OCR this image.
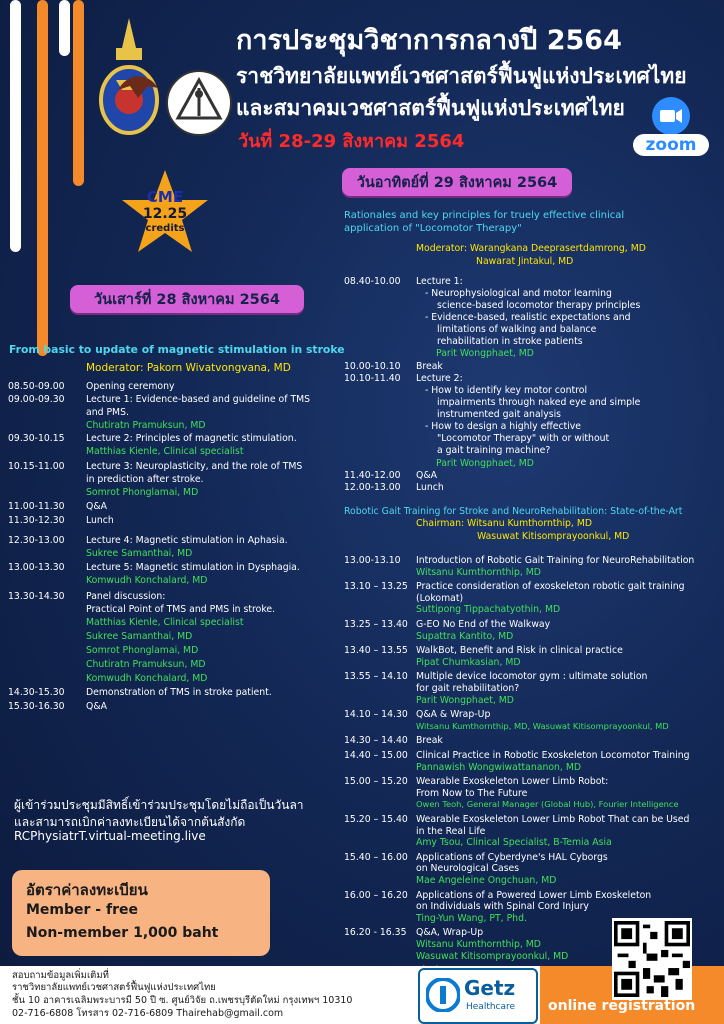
การประชุมวิชาการกลางปี 2564
ราชวิทยาลัยแพทย์เวชศาสตร์ฟื้นฟูแห่งประเทศไทย
และสมาคมเวชศาสตร์ฟื้นฟูแห่งประเทศไทย
วันที่ 28-29 สิงหาคม 2564	zoom
CME
12.25
credits
วันเสาร์ที่ 28 สิงหาคม 2564
From basic to update of magnetic stimulation in stroke
Moderator: Pakorn Wivatvongvana, MD
08.50-09.00 Opening ceremony
09.00-09.30 Lecture 1: Evidence-based and guideline of TMS
and PMS.
Chutiratn Pramuksun, MD
09.30-10.15 Lecture 2: Principles of magnetic stimulation.
Matthias Kienle, Clinical specialist
10.15-11.00 Lecture 3: Neuroplasticity, and the role of TMS
in prediction after stroke.
Somrot Phonglamai, MD
11.00-11.30 Q&A
11.30-12.30 Lunch
12.30-13.00 Lecture 4: Magnetic stimulation in Aphasia.
Sukree Samanthai, MD
13.00-13.30 Lecture 5: Magnetic stimulation in Dysphagia.
Komwudh Konchalard, MD
13.30-14.30 Panel discussion:
Practical Point of TMS and PMS in stroke.
Matthias Kienle, Clinical specialist
Sukree Samanthai, MD
Somrot Phonglamai, MD
Chutiratn Pramuksun, MD
Komwudh Konchalard, MD
14.30-15.30 Demonstration of TMS in stroke patient.
15.30-16.30 Q&A
ผู้เข้าร่วมประชุมมีสิทธิ์เข้าร่วมประชุมโดยไม่ถือเป็นวันลา
และสามารถเบิกค่าลงทะเบียนได้จากต้นสังกัด
RCPhysiatrT.virtual-meeting.live
อัตราค่าลงทะเบียน
Member - free
Non-member 1,000 baht
วันอาทิตย์ที่ 29 สิงหาคม 2564
Rationales and key principles for truely effective clinical
application of "Locomotor Therapy"
Moderator: Warangkana Deeprasertdamrong, MD
Nawarat Jintakul, MD
08.40-10.00 Lecture 1:
- Neurophysiological and motor learning
science-based locomotor therapy principles
- Evidence-based, realistic expectations and
limitations of walking and balance
rehabilitation in stroke patients
Parit Wongphaet, MD
10.00-10.10 Break
10.10-11.40 Lecture 2:
- How to identify key motor control
impairments through naked eye and simple
instrumented gait analysis
- How to design a highly effective
"Locomotor Therapy" with or without
a gait training machine?
Parit Wongphaet, MD
11.40-12.00 Q&A
12.00-13.00 Lunch
Robotic Gait Training for Stroke and NeuroRehabilitation: State-of-the-Art
Chairman: Witsanu Kumthornthip, MD
Wasuwat Kitisomprayoonkul, MD
13.00-13.10 Introduction of Robotic Gait Training for NeuroRehabilitation
Witsanu Kumthornthip, MD
13.10 – 13.25 Practice consideration of exoskeleton robotic gait training
(Lokomat)
Suttipong Tippachatyothin, MD
13.25 – 13.40 G-EO No End of the Walkway
Supattra Kantito, MD
13.40 – 13.55 WalkBot, Benefit and Risk in clinical practice
Pipat Chumkasian, MD
13.55 – 14.10 Multiple device locomotor gym : ultimate solution
for gait rehabilitation?
Parit Wongphaet, MD
14.10 – 14.30 Q&A & Wrap-Up
Witsanu Kumthornthip, MD, Wasuwat Kitisomprayoonkul, MD
14.30 – 14.40 Break
14.40 – 15.00 Clinical Practice in Robotic Exoskeleton Locomotor Training
Pannawish Wongwiwattananon, MD
15.00 – 15.20 Wearable Exoskeleton Lower Limb Robot:
From Now to The Future
Owen Teoh, General Manager (Global Hub), Fourier Intelligence
15.20 – 15.40 Wearable Exoskeleton Lower Limb Robot That can be Used
in the Real Life
Amy Tsou, Clinical Specialist, B-Temia Asia
15.40 – 16.00 Applications of Cyberdyne's HAL Cyborgs
on Neurological Cases
Mae Angeleine Ongchuan, MD
16.00 – 16.20 Applications of a Powered Lower Limb Exoskeleton
on Individuals with Spinal Cord Injury
Ting-Yun Wang, PT, Phd.
16.20 - 16.35 Q&A, Wrap-Up
Witsanu Kumthornthip, MD
Wasuwat Kitisomprayoonkul, MD
สอบถามข้อมูลเพิ่มเติมที่
ราชวิทยาลัยแพทย์เวชศาสตร์ฟื้นฟูแห่งประเทศไทย
ชั้น 10 อาคารเฉลิมพระบารมี 50 ปี ซ. ศูนย์วิจัย ถ.เพชรบุรีตัดใหม่ กรุงเทพฯ 10310
02-716-6808 โทรสาร 02-716-6809 Thairehab@gmail.com
Getz
Healthcare online registration
